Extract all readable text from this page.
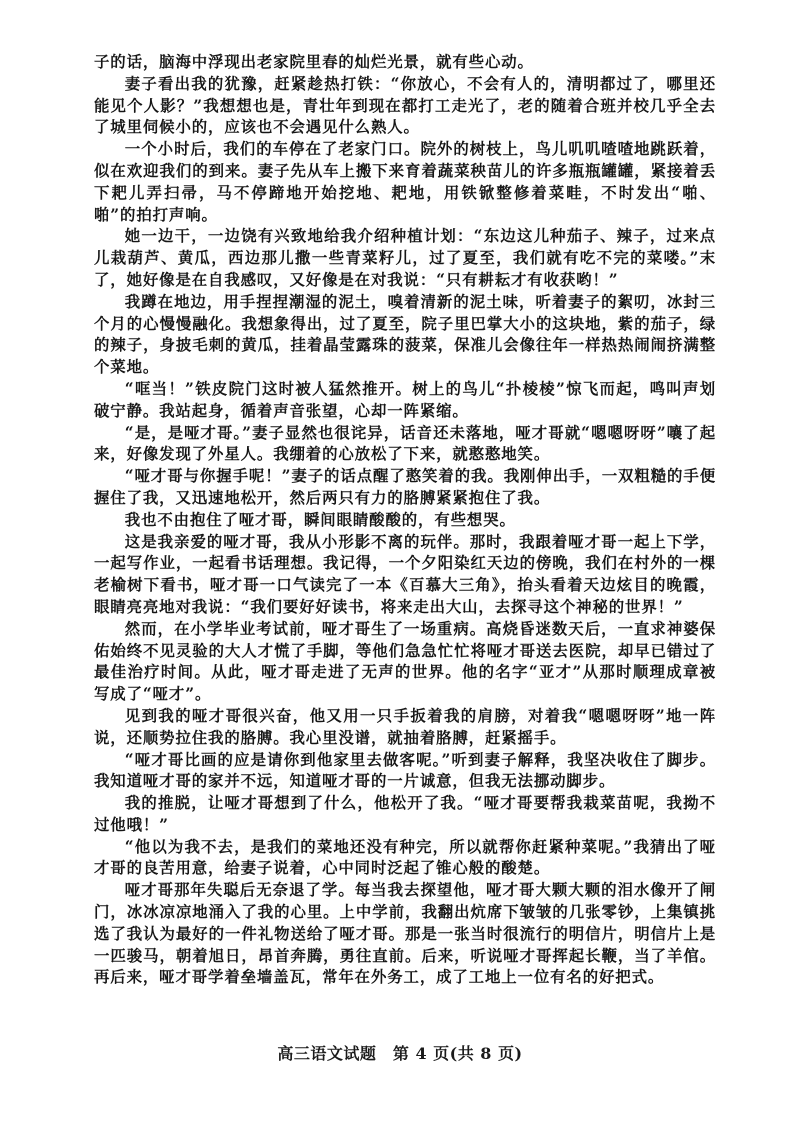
子的话，脑海中浮现出老家院里春的灿烂光景，就有些心动。

妻子看出我的犹豫，赶紧趁热打铁：“你放心，不会有人的，清明都过了，哪里还能见个人影？”我想想也是，青壮年到现在都打工走光了，老的随着合班并校几乎全去了城里伺候小的，应该也不会遇见什么熟人。

一个小时后，我们的车停在了老家门口。院外的树枝上，鸟儿叽叽喳喳地跳跃着，似在欢迎我们的到来。妻子先从车上搬下来育着蔬菜秧苗儿的许多瓶瓶罐罐，紧接着丢下耙儿弄扫帚，马不停蹄地开始挖地、耙地，用铁锨整修着菜畦，不时发出“啪、啪”的拍打声响。

她一边干，一边饶有兴致地给我介绍种植计划：“东边这儿种茄子、辣子，过来点儿栽葫芦、黄瓜，西边那儿撒一些青菜籽儿，过了夏至，我们就有吃不完的菜喽。”末了，她好像是在自我感叹，又好像是在对我说：“只有耕耘才有收获哟！”

我蹲在地边，用手捏捏潮湿的泥土，嗅着清新的泥土味，听着妻子的絮叨，冰封三个月的心慢慢融化。我想象得出，过了夏至，院子里巴掌大小的这块地，紫的茄子，绿的辣子，身披毛刺的黄瓜，挂着晶莹露珠的菠菜，保准儿会像往年一样热热闹闹挤满整个菜地。

“哐当！”铁皮院门这时被人猛然推开。树上的鸟儿“扑棱棱”惊飞而起，鸣叫声划破宁静。我站起身，循着声音张望，心却一阵紧缩。

“是，是哑才哥。”妻子显然也很诧异，话音还未落地，哑才哥就“嗯嗯呀呀”嚷了起来，好像发现了外星人。我绷着的心放松了下来，就憨憨地笑。

“哑才哥与你握手呢！”妻子的话点醒了憨笑着的我。我刚伸出手，一双粗糙的手便握住了我，又迅速地松开，然后两只有力的胳膊紧紧抱住了我。

我也不由抱住了哑才哥，瞬间眼睛酸酸的，有些想哭。

这是我亲爱的哑才哥，我从小形影不离的玩伴。那时，我跟着哑才哥一起上下学，一起写作业，一起看书话理想。我记得，一个夕阳染红天边的傍晚，我们在村外的一棵老榆树下看书，哑才哥一口气读完了一本《百慕大三角》，抬头看着天边炫目的晚霞，眼睛亮亮地对我说：“我们要好好读书，将来走出大山，去探寻这个神秘的世界！”

然而，在小学毕业考试前，哑才哥生了一场重病。高烧昏迷数天后，一直求神婆保佑始终不见灵验的大人才慌了手脚，等他们急急忙忙将哑才哥送去医院，却早已错过了最佳治疗时间。从此，哑才哥走进了无声的世界。他的名字“亚才”从那时顺理成章被写成了“哑才”。

见到我的哑才哥很兴奋，他又用一只手扳着我的肩膀，对着我“嗯嗯呀呀”地一阵说，还顺势拉住我的胳膊。我心里没谱，就抽着胳膊，赶紧摇手。

“哑才哥比画的应是请你到他家里去做客呢。”听到妻子解释，我坚决收住了脚步。我知道哑才哥的家并不远，知道哑才哥的一片诚意，但我无法挪动脚步。

我的推脱，让哑才哥想到了什么，他松开了我。“哑才哥要帮我栽菜苗呢，我拗不过他哦！”

“他以为我不去，是我们的菜地还没有种完，所以就帮你赶紧种菜呢。”我猜出了哑才哥的良苦用意，给妻子说着，心中同时泛起了锥心般的酸楚。

哑才哥那年失聪后无奈退了学。每当我去探望他，哑才哥大颗大颗的泪水像开了闸门，冰冰凉凉地涌入了我的心里。上中学前，我翻出炕席下皱皱的几张零钞，上集镇挑选了我认为最好的一件礼物送给了哑才哥。那是一张当时很流行的明信片，明信片上是一匹骏马，朝着旭日，昂首奔腾，勇往直前。后来，听说哑才哥挥起长鞭，当了羊倌。再后来，哑才哥学着垒墙盖瓦，常年在外务工，成了工地上一位有名的好把式。

高三语文试题　第 4 页(共 8 页)
